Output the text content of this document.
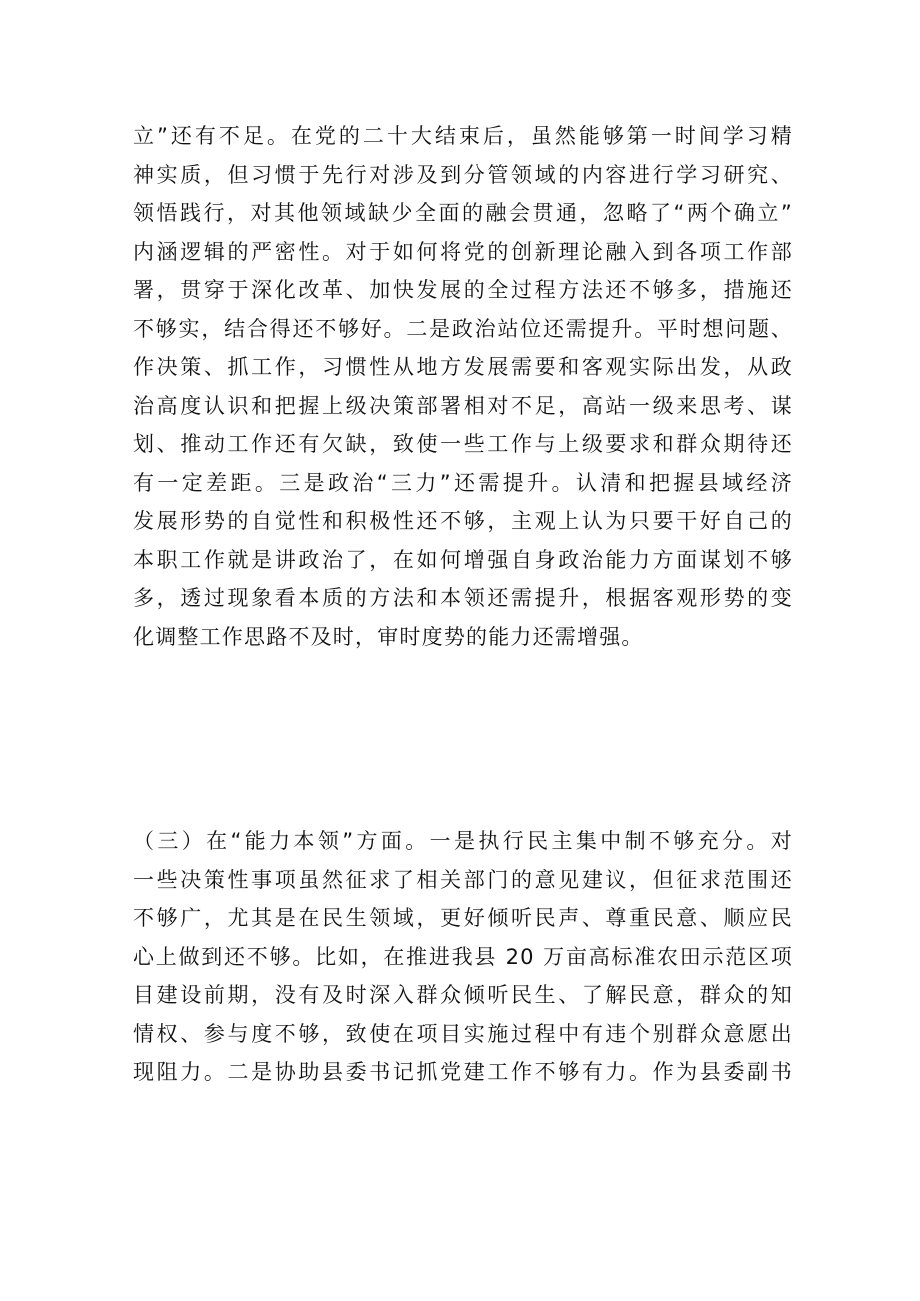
立”还有不足。在党的二十大结束后，虽然能够第一时间学习精
神实质，但习惯于先行对涉及到分管领域的内容进行学习研究、
领悟践行，对其他领域缺少全面的融会贯通，忽略了“两个确立”
内涵逻辑的严密性。对于如何将党的创新理论融入到各项工作部
署，贯穿于深化改革、加快发展的全过程方法还不够多，措施还
不够实，结合得还不够好。二是政治站位还需提升。平时想问题、
作决策、抓工作，习惯性从地方发展需要和客观实际出发，从政
治高度认识和把握上级决策部署相对不足，高站一级来思考、谋
划、推动工作还有欠缺，致使一些工作与上级要求和群众期待还
有一定差距。三是政治“三力”还需提升。认清和把握县域经济
发展形势的自觉性和积极性还不够，主观上认为只要干好自己的
本职工作就是讲政治了，在如何增强自身政治能力方面谋划不够
多，透过现象看本质的方法和本领还需提升，根据客观形势的变
化调整工作思路不及时，审时度势的能力还需增强。
（三）在“能力本领”方面。一是执行民主集中制不够充分。对
一些决策性事项虽然征求了相关部门的意见建议，但征求范围还
不够广，尤其是在民生领域，更好倾听民声、尊重民意、顺应民
心上做到还不够。比如，在推进我县 20 万亩高标准农田示范区项
目建设前期，没有及时深入群众倾听民生、了解民意，群众的知
情权、参与度不够，致使在项目实施过程中有违个别群众意愿出
现阻力。二是协助县委书记抓党建工作不够有力。作为县委副书
